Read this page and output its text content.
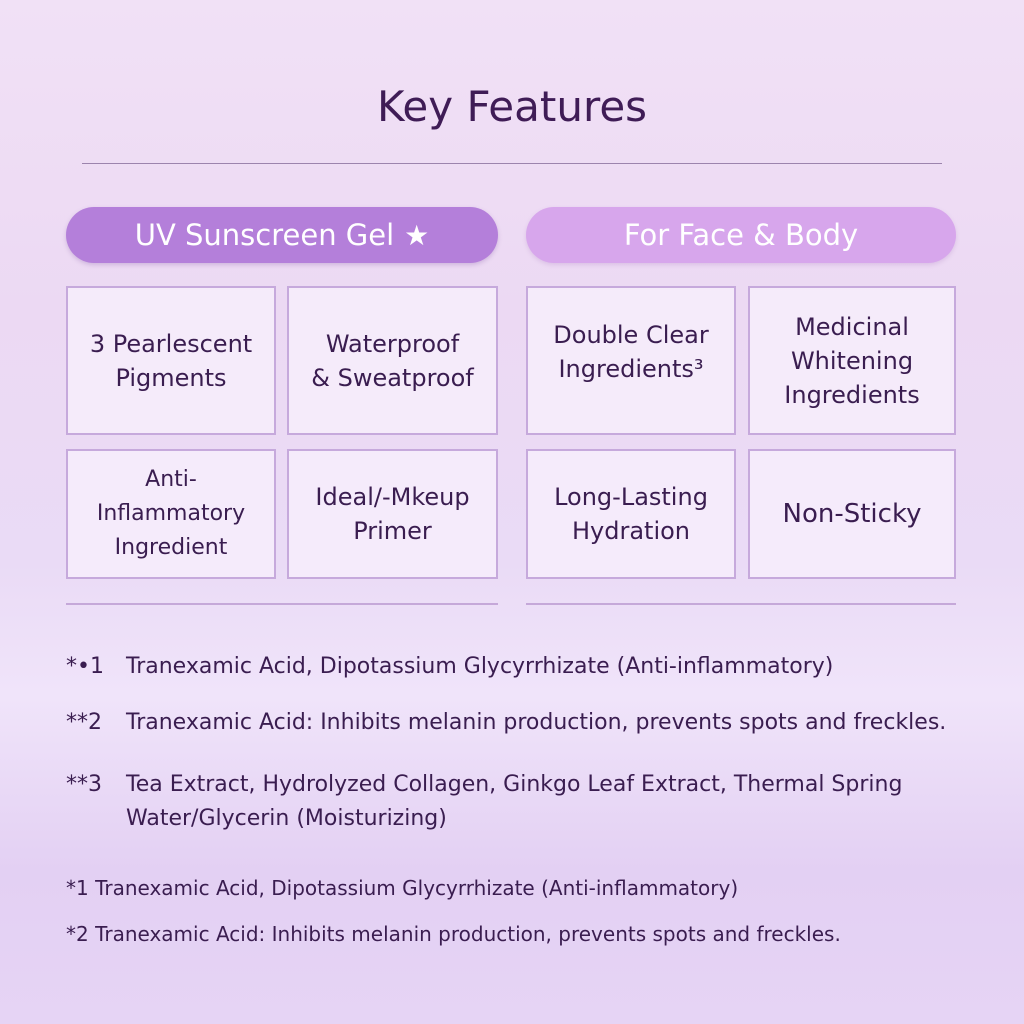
Key Features
UV Sunscreen Gel ★	For Face & Body
3 Pearlescent
Pigments
Waterproof
& Sweatproof
Anti-Inflammatory
Ingredient
Ideal/-Mkeup
Primer
Double Clear
Ingredients³
Medicinal
Whitening
Ingredients
Long-Lasting
Hydration
Non-Sticky
*•1	Tranexamic Acid, Dipotassium Glycyrrhizate (Anti-inflammatory)
**2	Tranexamic Acid: Inhibits melanin production, prevents spots and freckles.
**3	Tea Extract, Hydrolyzed Collagen, Ginkgo Leaf Extract, Thermal Spring Water/Glycerin (Moisturizing)
*1 Tranexamic Acid, Dipotassium Glycyrrhizate (Anti-inflammatory)
*2 Tranexamic Acid: Inhibits melanin production, prevents spots and freckles.
